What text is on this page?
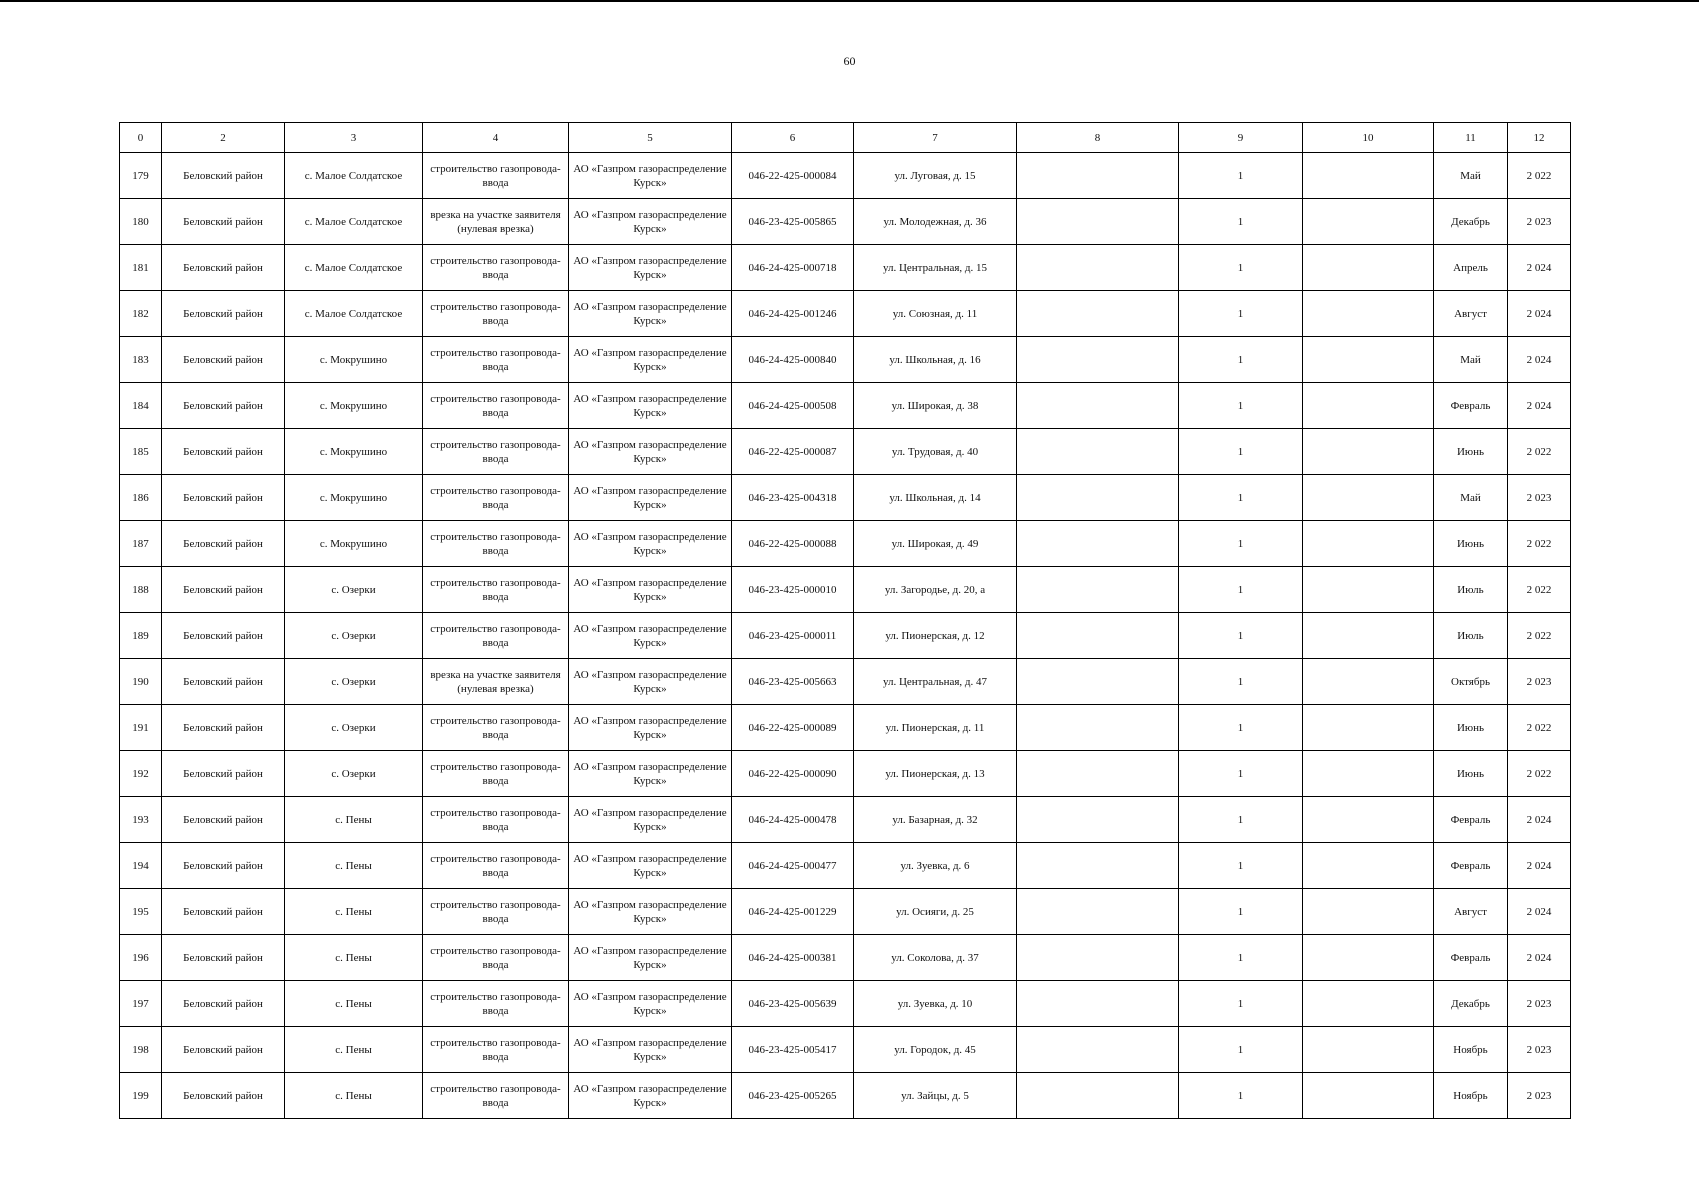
60
0	2	3	4	5	6	7	8	9	10	11	12
179	Беловский район	с. Малое Солдатское	строительство газопровода-ввода	АО «Газпром газораспределение Курск»	046-22-425-000084	ул. Луговая, д. 15		1		Май	2 022
180	Беловский район	с. Малое Солдатское	врезка на участке заявителя (нулевая врезка)	АО «Газпром газораспределение Курск»	046-23-425-005865	ул. Молодежная, д. 36		1		Декабрь	2 023
181	Беловский район	с. Малое Солдатское	строительство газопровода-ввода	АО «Газпром газораспределение Курск»	046-24-425-000718	ул. Центральная, д. 15		1		Апрель	2 024
182	Беловский район	с. Малое Солдатское	строительство газопровода-ввода	АО «Газпром газораспределение Курск»	046-24-425-001246	ул. Союзная, д. 11		1		Август	2 024
183	Беловский район	с. Мокрушино	строительство газопровода-ввода	АО «Газпром газораспределение Курск»	046-24-425-000840	ул. Школьная, д. 16		1		Май	2 024
184	Беловский район	с. Мокрушино	строительство газопровода-ввода	АО «Газпром газораспределение Курск»	046-24-425-000508	ул. Широкая, д. 38		1		Февраль	2 024
185	Беловский район	с. Мокрушино	строительство газопровода-ввода	АО «Газпром газораспределение Курск»	046-22-425-000087	ул. Трудовая, д. 40		1		Июнь	2 022
186	Беловский район	с. Мокрушино	строительство газопровода-ввода	АО «Газпром газораспределение Курск»	046-23-425-004318	ул. Школьная, д. 14		1		Май	2 023
187	Беловский район	с. Мокрушино	строительство газопровода-ввода	АО «Газпром газораспределение Курск»	046-22-425-000088	ул. Широкая, д. 49		1		Июнь	2 022
188	Беловский район	с. Озерки	строительство газопровода-ввода	АО «Газпром газораспределение Курск»	046-23-425-000010	ул. Загородье, д. 20, а		1		Июль	2 022
189	Беловский район	с. Озерки	строительство газопровода-ввода	АО «Газпром газораспределение Курск»	046-23-425-000011	ул. Пионерская, д. 12		1		Июль	2 022
190	Беловский район	с. Озерки	врезка на участке заявителя (нулевая врезка)	АО «Газпром газораспределение Курск»	046-23-425-005663	ул. Центральная, д. 47		1		Октябрь	2 023
191	Беловский район	с. Озерки	строительство газопровода-ввода	АО «Газпром газораспределение Курск»	046-22-425-000089	ул. Пионерская, д. 11		1		Июнь	2 022
192	Беловский район	с. Озерки	строительство газопровода-ввода	АО «Газпром газораспределение Курск»	046-22-425-000090	ул. Пионерская, д. 13		1		Июнь	2 022
193	Беловский район	с. Пены	строительство газопровода-ввода	АО «Газпром газораспределение Курск»	046-24-425-000478	ул. Базарная, д. 32		1		Февраль	2 024
194	Беловский район	с. Пены	строительство газопровода-ввода	АО «Газпром газораспределение Курск»	046-24-425-000477	ул. Зуевка, д. 6		1		Февраль	2 024
195	Беловский район	с. Пены	строительство газопровода-ввода	АО «Газпром газораспределение Курск»	046-24-425-001229	ул. Осияги, д. 25		1		Август	2 024
196	Беловский район	с. Пены	строительство газопровода-ввода	АО «Газпром газораспределение Курск»	046-24-425-000381	ул. Соколова, д. 37		1		Февраль	2 024
197	Беловский район	с. Пены	строительство газопровода-ввода	АО «Газпром газораспределение Курск»	046-23-425-005639	ул. Зуевка, д. 10		1		Декабрь	2 023
198	Беловский район	с. Пены	строительство газопровода-ввода	АО «Газпром газораспределение Курск»	046-23-425-005417	ул. Городок, д. 45		1		Ноябрь	2 023
199	Беловский район	с. Пены	строительство газопровода-ввода	АО «Газпром газораспределение Курск»	046-23-425-005265	ул. Зайцы, д. 5		1		Ноябрь	2 023
